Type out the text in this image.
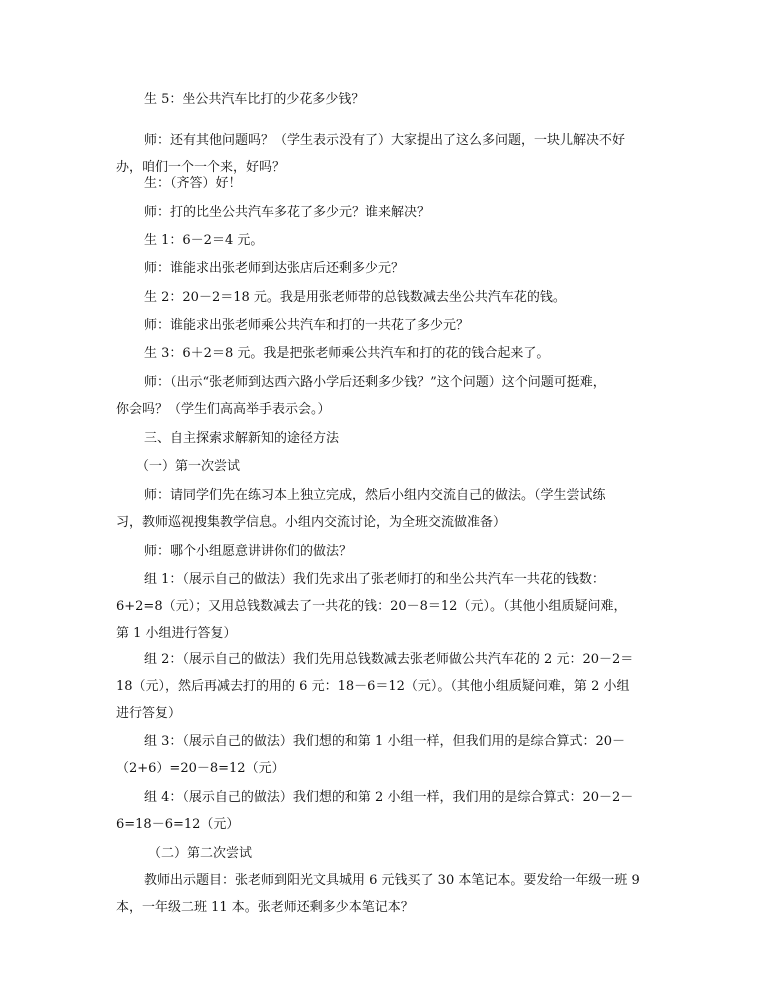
生 5：坐公共汽车比打的少花多少钱？
师：还有其他问题吗？（学生表示没有了）大家提出了这么多问题，一块儿解决不好
办，咱们一个一个来，好吗？
生：（齐答）好！
师：打的比坐公共汽车多花了多少元？谁来解决？
生 1：6－2＝4 元。
师：谁能求出张老师到达张店后还剩多少元？
生 2：20－2＝18 元。我是用张老师带的总钱数减去坐公共汽车花的钱。
师：谁能求出张老师乘公共汽车和打的一共花了多少元？
生 3：6＋2＝8 元。我是把张老师乘公共汽车和打的花的钱合起来了。
师：（出示“张老师到达西六路小学后还剩多少钱？”这个问题）这个问题可挺难，
你会吗？（学生们高高举手表示会。）
三、自主探索求解新知的途径方法
（一）第一次尝试
师：请同学们先在练习本上独立完成，然后小组内交流自己的做法。（学生尝试练
习，教师巡视搜集教学信息。小组内交流讨论，为全班交流做准备）
师：哪个小组愿意讲讲你们的做法？
组 1：（展示自己的做法）我们先求出了张老师打的和坐公共汽车一共花的钱数：
6+2=8（元）；又用总钱数减去了一共花的钱：20－8＝12（元）。（其他小组质疑问难，
第 1 小组进行答复）
组 2：（展示自己的做法）我们先用总钱数减去张老师做公共汽车花的 2 元：20－2＝
18（元），然后再减去打的用的 6 元：18－6＝12（元）。（其他小组质疑问难，第 2 小组
进行答复）
组 3：（展示自己的做法）我们想的和第 1 小组一样，但我们用的是综合算式：20－
（2+6）=20－8=12（元）
组 4：（展示自己的做法）我们想的和第 2 小组一样，我们用的是综合算式：20－2－
6=18－6=12（元）
（二）第二次尝试
教师出示题目：张老师到阳光文具城用 6 元钱买了 30 本笔记本。要发给一年级一班 9
本，一年级二班 11 本。张老师还剩多少本笔记本？
